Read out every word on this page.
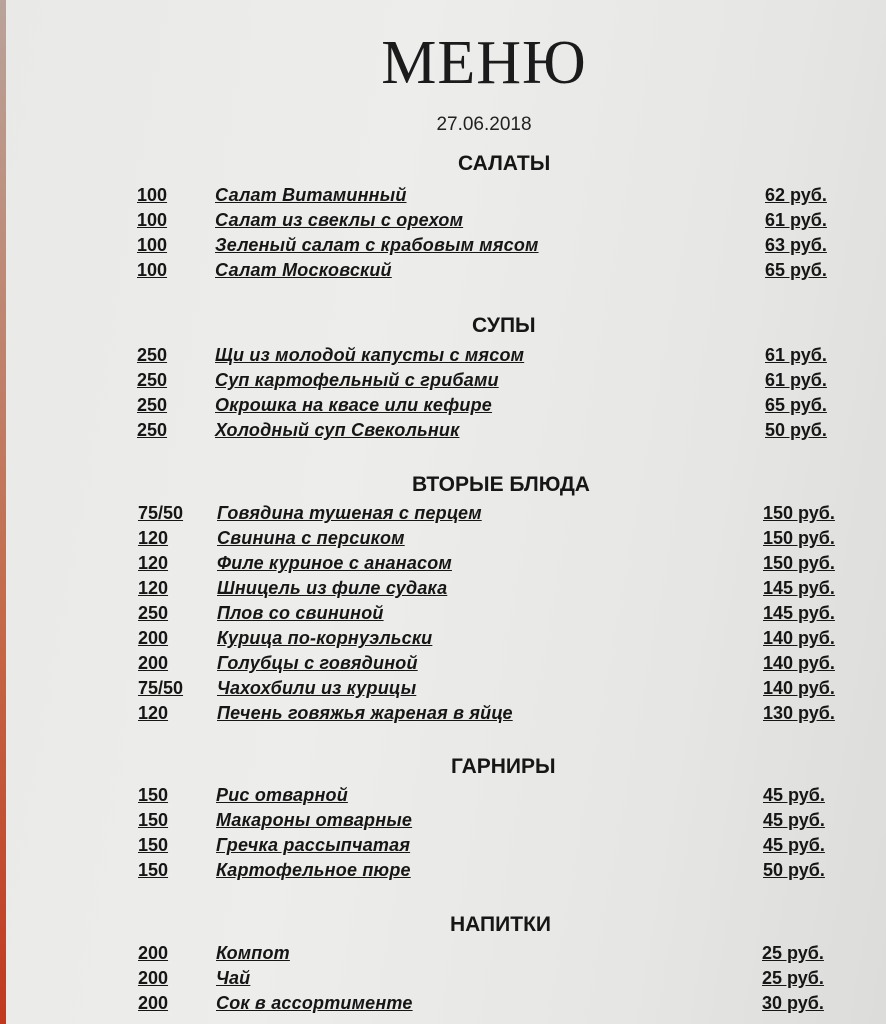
МЕНЮ
27.06.2018
САЛАТЫ
100	Салат Витаминный	62 руб.
100	Салат из свеклы с орехом	61 руб.
100	Зеленый салат с крабовым мясом	63 руб.
100	Салат Московский	65 руб.
СУПЫ
250	Щи из молодой капусты с мясом	61 руб.
250	Суп картофельный с грибами	61 руб.
250	Окрошка на квасе или кефире	65 руб.
250	Холодный суп Свекольник	50 руб.
ВТОРЫЕ БЛЮДА
75/50 Говядина тушеная с перцем	150 руб.
120	Свинина с персиком	150 руб.
120	Филе куриное с ананасом	150 руб.
120	Шницель из филе судака	145 руб.
250	Плов со свининой	145 руб.
200	Курица по-корнуэльски	140 руб.
200	Голубцы с говядиной	140 руб.
75/50 Чахохбили из курицы	140 руб.
120	Печень говяжья жареная в яйце	130 руб.
ГАРНИРЫ
150	Рис отварной	45 руб.
150	Макароны отварные	45 руб.
150	Гречка рассыпчатая	45 руб.
150	Картофельное пюре	50 руб.
НАПИТКИ
200	Компот	25 руб.
200	Чай	25 руб.
200	Сок в ассортименте	30 руб.
